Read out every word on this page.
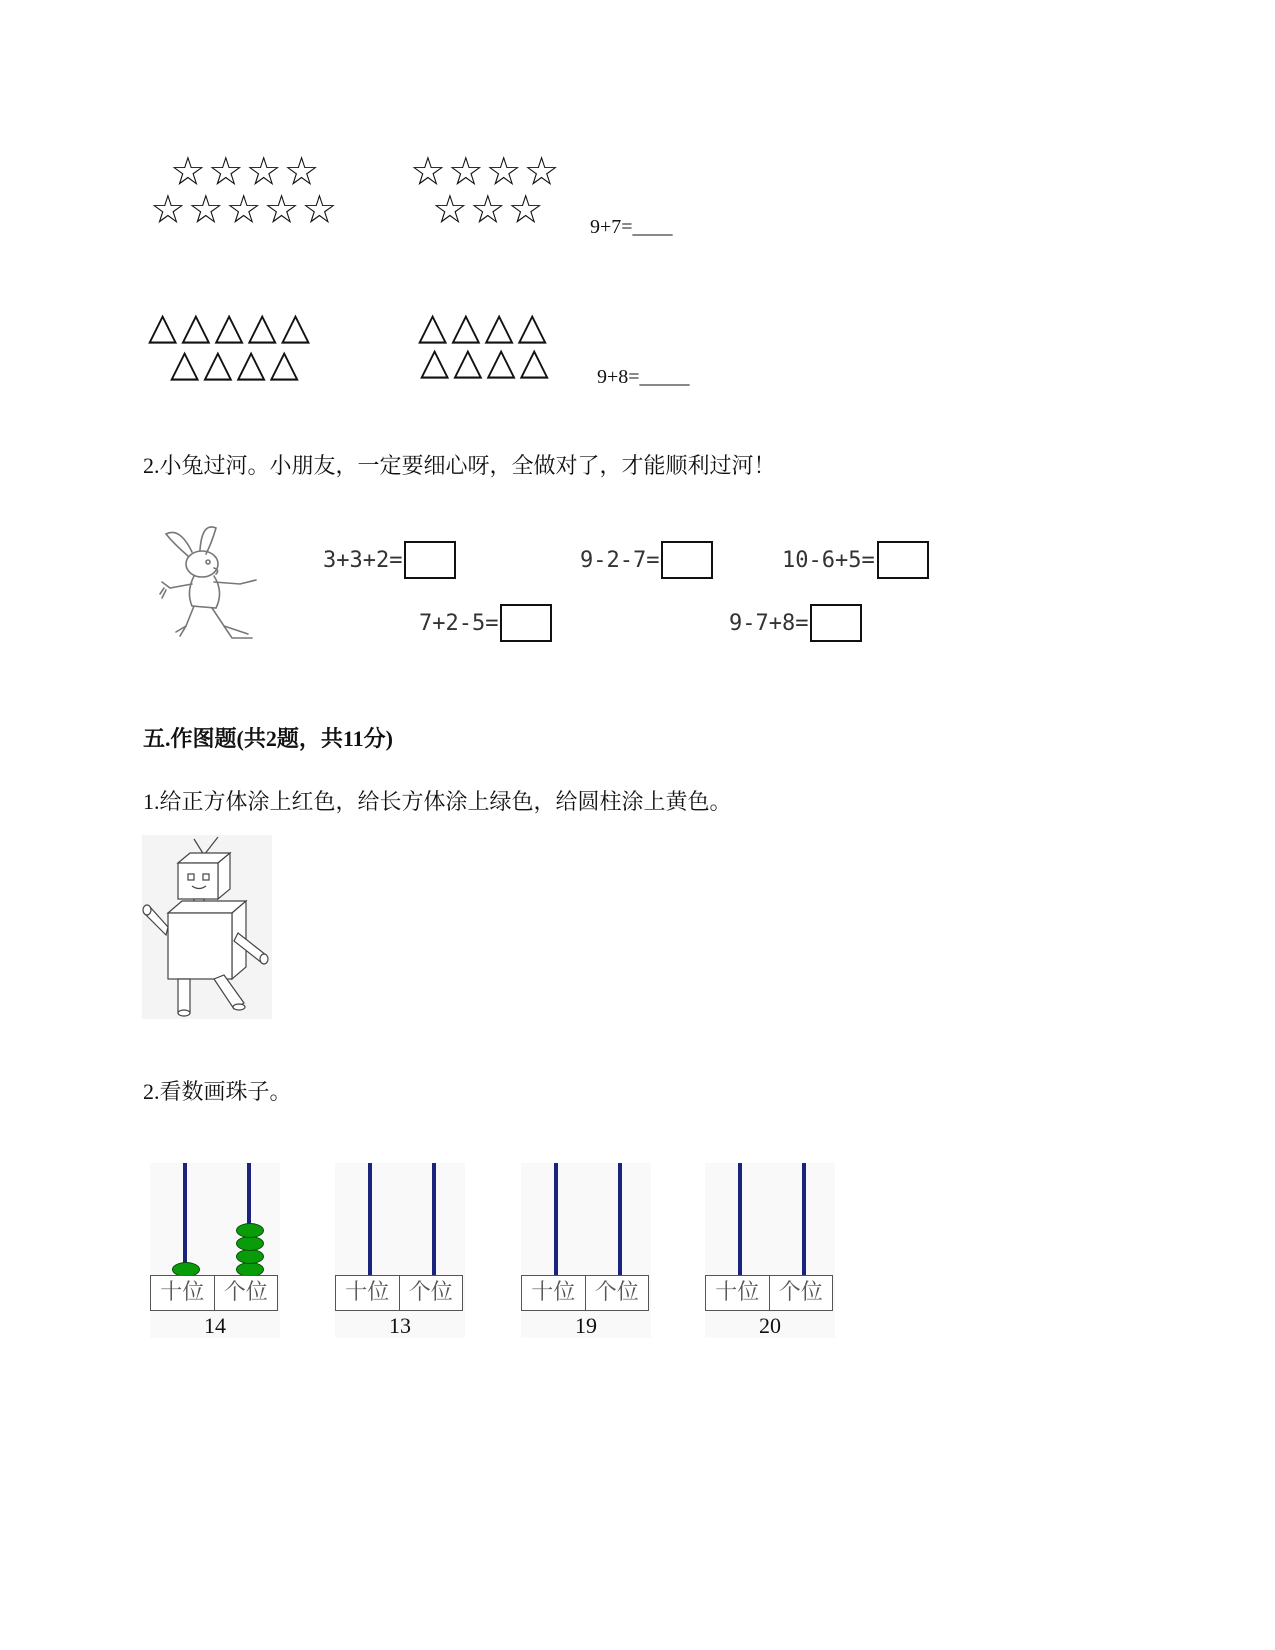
☆☆☆☆
☆☆☆☆☆
☆☆☆☆
☆☆☆ 9+7=____
△△△△△
△△△△
△△△△
△△△△ 9+8=_____
2.小兔过河。小朋友，一定要细心呀，全做对了，才能顺利过河！
3+3+2=	9-2-7=	10-6+5=
7+2-5=	9-7+8=
五.作图题(共2题，共11分)
1.给正方体涂上红色，给长方体涂上绿色，给圆柱涂上黄色。
2.看数画珠子。
十位 个位
14
十位 个位
13
十位 个位
19
十位 个位
20
